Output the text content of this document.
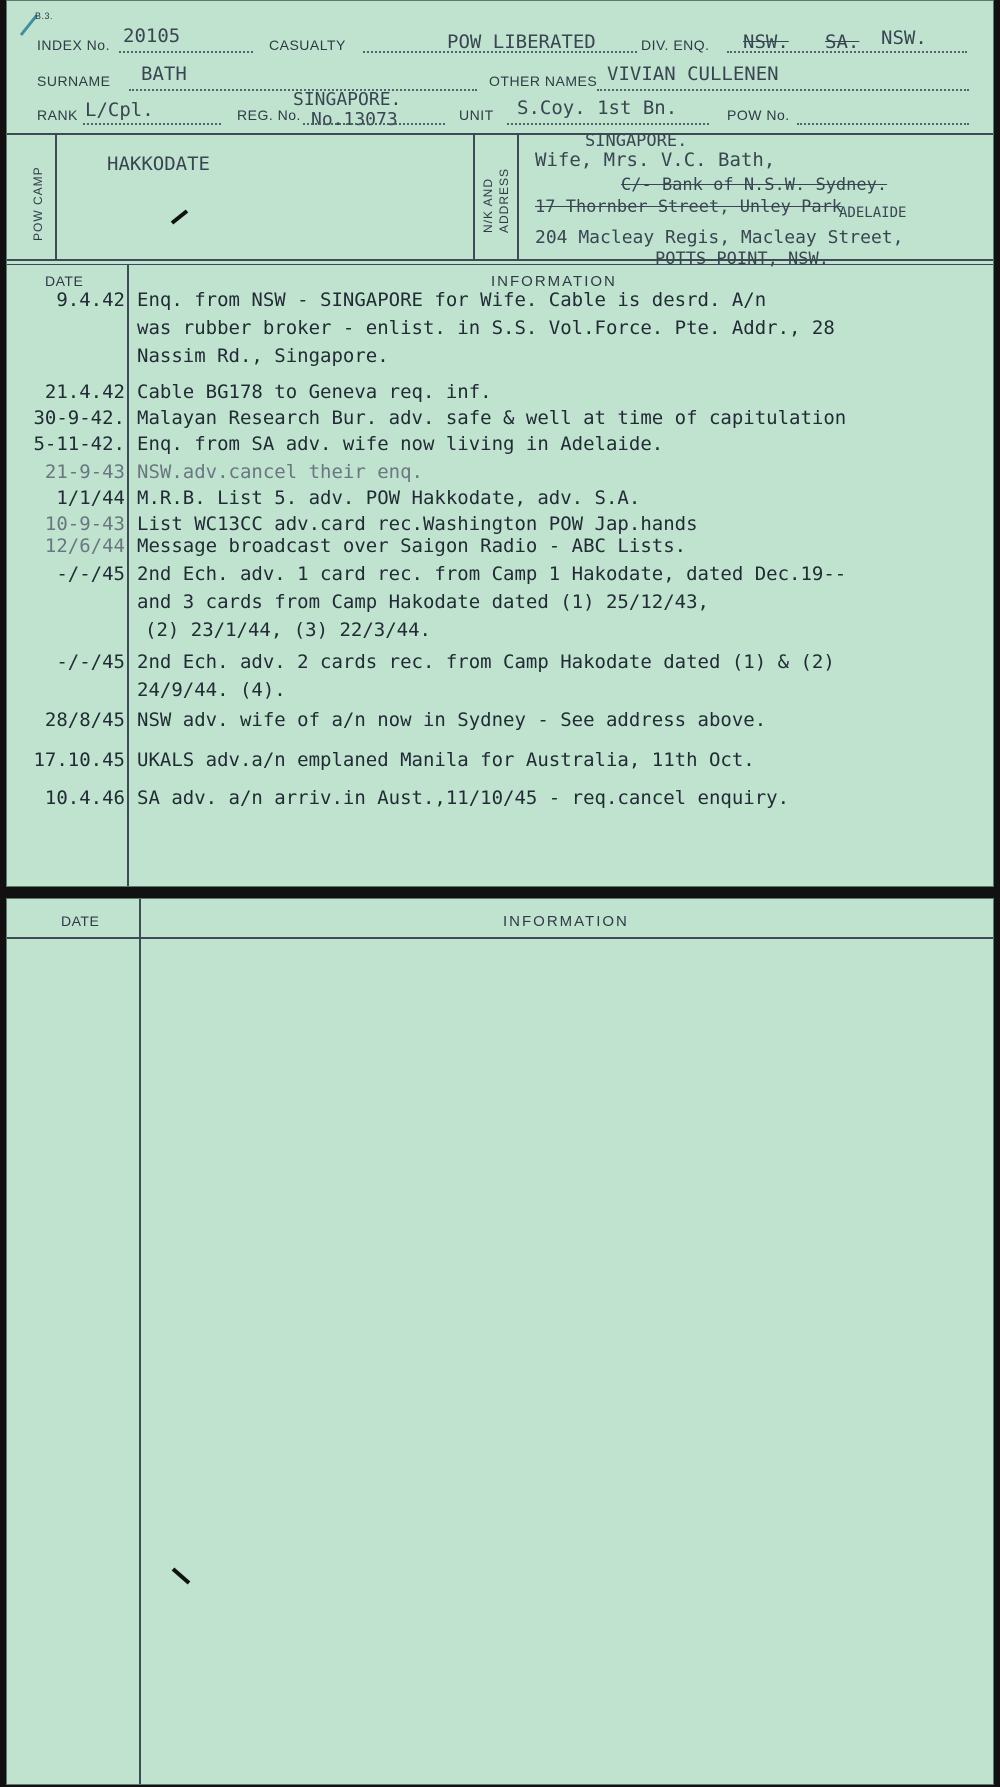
B.3.
INDEX No. 20105	CASUALTY	POW LIBERATED	DIV. ENQ. NSW. SA. NSW.
SURNAME BATH	OTHER NAMES VIVIAN CULLENEN
RANK L/Cpl.	REG. No.
SINGAPORE.
No.13073	UNIT S.Coy. 1st Bn.	POW No.
POW CAMP
HAKKODATE
N/K AND ADDRESS
SINGAPORE.
Wife, Mrs. V.C. Bath,
C/- Bank of N.S.W. Sydney.
ADELAIDE
17 Thornber Street, Unley Park
204 Macleay Regis, Macleay Street,
POTTS POINT, NSW.
DATE	INFORMATION
9.4.42 Enq. from NSW - SINGAPORE for Wife. Cable is desrd. A/n
was rubber broker - enlist. in S.S. Vol.Force. Pte. Addr., 28
Nassim Rd., Singapore.
21.4.42 Cable BG178 to Geneva req. inf.
30-9-42. Malayan Research Bur. adv. safe & well at time of capitulation
5-11-42. Enq. from SA adv. wife now living in Adelaide.
21-9-43 NSW.adv.cancel their enq.
1/1/44 M.R.B. List 5. adv. POW Hakkodate, adv. S.A.
10-9-43 List WC13CC adv.card rec.Washington POW Jap.hands
12/6/44 Message broadcast over Saigon Radio - ABC Lists.
-/-/45 2nd Ech. adv. 1 card rec. from Camp 1 Hakodate, dated Dec.19--
and 3 cards from Camp Hakodate dated (1) 25/12/43,
(2) 23/1/44, (3) 22/3/44.
-/-/45 2nd Ech. adv. 2 cards rec. from Camp Hakodate dated (1) & (2)
24/9/44. (4).
28/8/45 NSW adv. wife of a/n now in Sydney - See address above.
17.10.45 UKALS adv.a/n emplaned Manila for Australia, 11th Oct.
10.4.46 SA adv. a/n arriv.in Aust.,11/10/45 - req.cancel enquiry.
DATE	INFORMATION
